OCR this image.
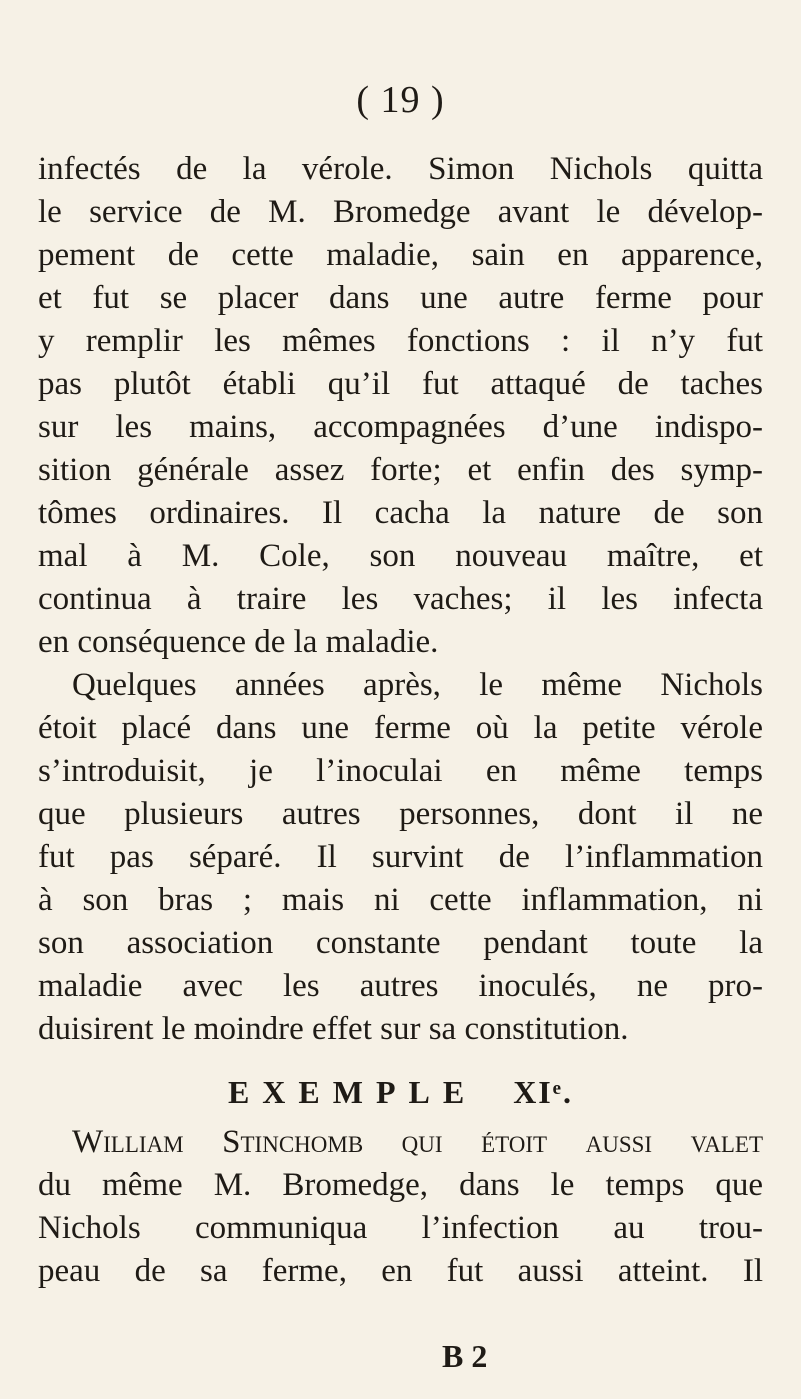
( 19 )
infectés de la vérole. Simon Nichols quitta
le service de M. Bromedge avant le dévelop-
pement de cette maladie, sain en apparence,
et fut se placer dans une autre ferme pour
y remplir les mêmes fonctions : il n’y fut
pas plutôt établi qu’il fut attaqué de taches
sur les mains, accompagnées d’une indispo-
sition générale assez forte; et enfin des symp-
tômes ordinaires. Il cacha la nature de son
mal à M. Cole, son nouveau maître, et
continua à traire les vaches; il les infecta
en conséquence de la maladie.
Quelques années après, le même Nichols
étoit placé dans une ferme où la petite vérole
s’introduisit, je l’inoculai en même temps
que plusieurs autres personnes, dont il ne
fut pas séparé. Il survint de l’inflammation
à son bras ; mais ni cette inflammation, ni
son association constante pendant toute la
maladie avec les autres inoculés, ne pro-
duisirent le moindre effet sur sa constitution.
EXEMPLE XIᵉ.
William Stinchomb qui étoit aussi valet
du même M. Bromedge, dans le temps que
Nichols communiqua l’infection au trou-
peau de sa ferme, en fut aussi atteint. Il
B 2
